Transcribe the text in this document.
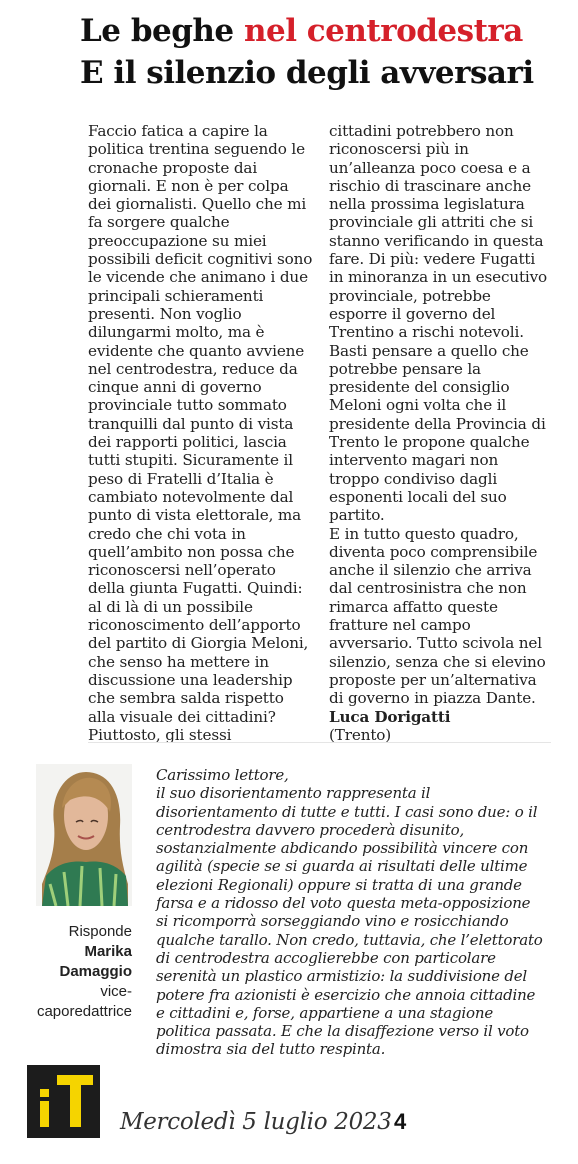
Le beghe nel centrodestra
E il silenzio degli avversari

Faccio fatica a capire la politica trentina seguendo le cronache proposte dai giornali. E non è per colpa dei giornalisti. Quello che mi fa sorgere qualche preoccupazione su miei possibili deficit cognitivi sono le vicende che animano i due principali schieramenti presenti. Non voglio dilungarmi molto, ma è evidente che quanto avviene nel centrodestra, reduce da cinque anni di governo provinciale tutto sommato tranquilli dal punto di vista dei rapporti politici, lascia tutti stupiti. Sicuramente il peso di Fratelli d’Italia è cambiato notevolmente dal punto di vista elettorale, ma credo che chi vota in quell’ambito non possa che riconoscersi nell’operato della giunta Fugatti. Quindi: al di là di un possibile riconoscimento dell’apporto del partito di Giorgia Meloni, che senso ha mettere in discussione una leadership che sembra salda rispetto alla visuale dei cittadini? Piuttosto, gli stessi

cittadini potrebbero non riconoscersi più in un’alleanza poco coesa e a rischio di trascinare anche nella prossima legislatura provinciale gli attriti che si stanno verificando in questa fare. Di più: vedere Fugatti in minoranza in un esecutivo provinciale, potrebbe esporre il governo del Trentino a rischi notevoli. Basti pensare a quello che potrebbe pensare la presidente del consiglio Meloni ogni volta che il presidente della Provincia di Trento le propone qualche intervento magari non troppo condiviso dagli esponenti locali del suo partito.

E in tutto questo quadro, diventa poco comprensibile anche il silenzio che arriva dal centrosinistra che non rimarca affatto queste fratture nel campo avversario. Tutto scivola nel silenzio, senza che si elevino proposte per un’alternativa di governo in piazza Dante.

Luca Dorigatti

(Trento)

Risponde
Marika
Damaggio
vice-
caporedattrice

Carissimo lettore,

il suo disorientamento rappresenta il disorientamento di tutte e tutti. I casi sono due: o il centrodestra davvero procederà disunito, sostanzialmente abdicando possibilità vincere con agilità (specie se si guarda ai risultati delle ultime elezioni Regionali) oppure si tratta di una grande farsa e a ridosso del voto questa meta-opposizione si ricomporrà sorseggiando vino e rosicchiando qualche tarallo. Non credo, tuttavia, che l’elettorato di centrodestra accoglierebbe con particolare serenità un plastico armistizio: la suddivisione del potere fra azionisti è esercizio che annoia cittadine e cittadini e, forse, appartiene a una stagione politica passata. E che la disaffezione verso il voto dimostra sia del tutto respinta.

Mercoledì 5 luglio 2023 4
